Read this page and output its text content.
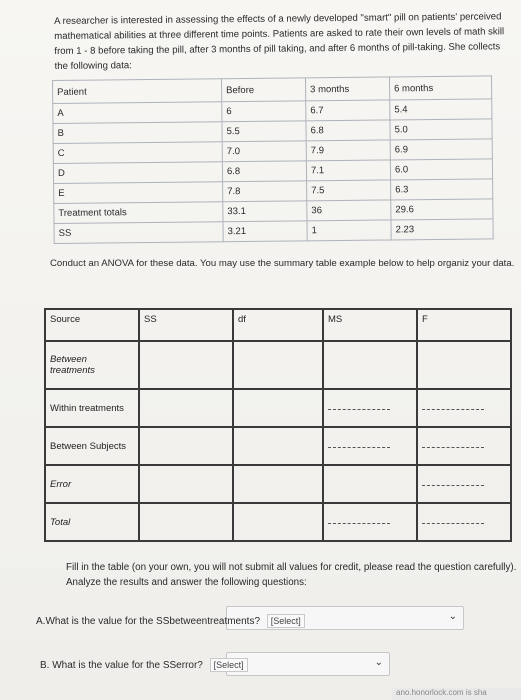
A researcher is interested in assessing the effects of a newly developed "smart" pill on patients' perceived mathematical abilities at three different time points. Patients are asked to rate their own levels of math skill from 1 - 8 before taking the pill, after 3 months of pill taking, and after 6 months of pill-taking. She collects the following data:
Patient	Before	3 months	6 months
A	6	6.7	5.4
B	5.5	6.8	5.0
C	7.0	7.9	6.9
D	6.8	7.1	6.0
E	7.8	7.5	6.3
Treatment totals	33.1	36	29.6
SS	3.21	1	2.23
Conduct an ANOVA for these data. You may use the summary table example below to help organiz your data.
Source	SS	df	MS	F
Between treatments				
Within treatments			

Between Subjects			

Error				

Total			

Fill in the table (on your own, you will not submit all values for credit, please read the question carefully). Analyze the results and answer the following questions:
⌄
A.What is the value for the SSbetweentreatments? [Select]
⌄
B. What is the value for the SSerror? [Select]
ano.honorlock.com is sha
